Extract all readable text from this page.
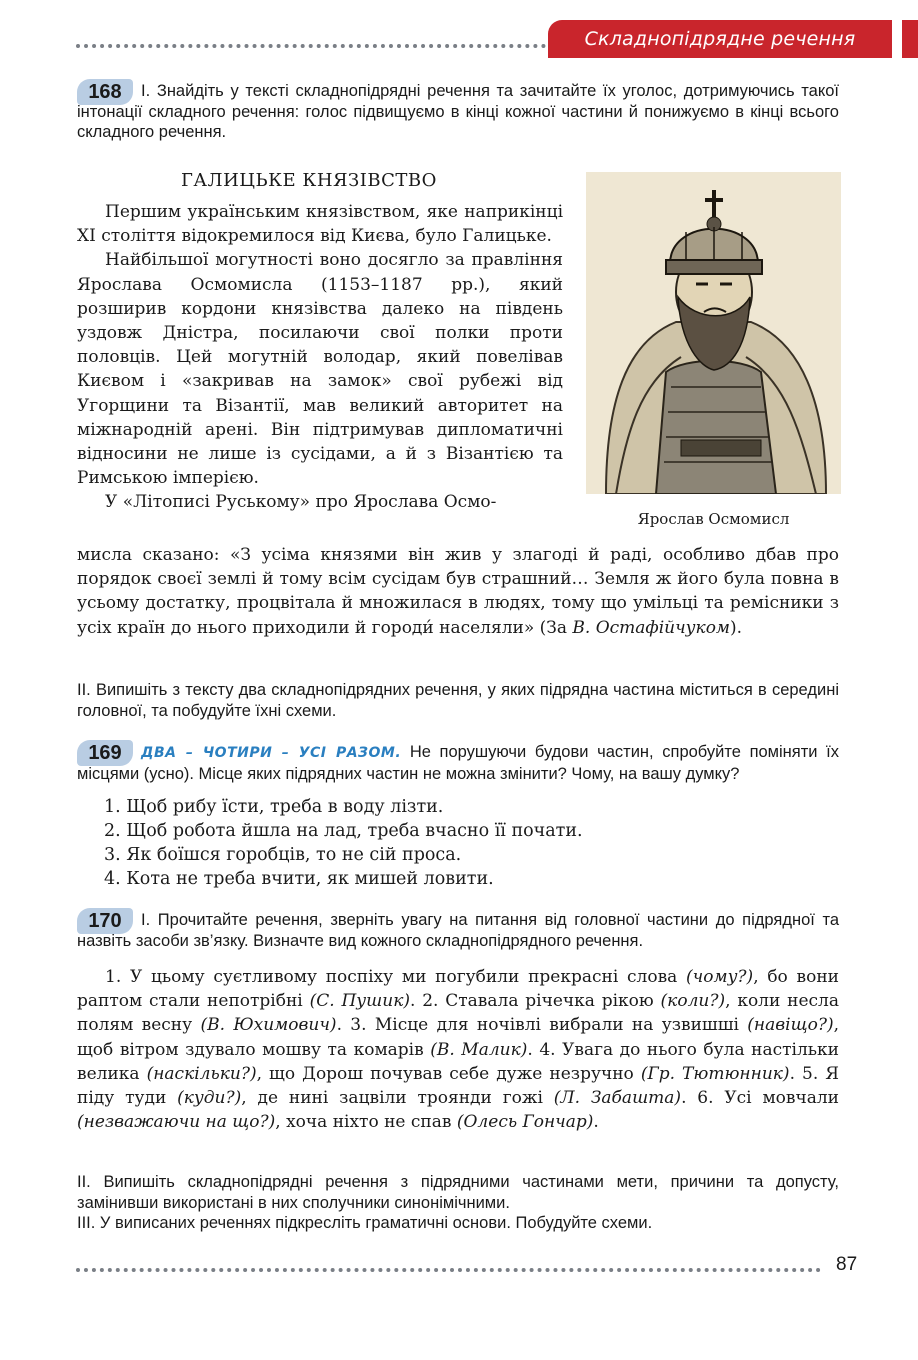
Складнопідрядне речення
168	І. Знайдіть у тексті складнопідрядні речення та зачитайте їх уголос, дотримуючись такої інтонації складного речення: голос підвищуємо в кінці кожної частини й понижуємо в кінці всього складного речення.
ГАЛИЦЬКЕ КНЯЗІВСТВО

Першим українським князівством, яке наприкінці XI століття відокремилося від Києва, було Галицьке.

Найбільшої могутності воно досягло за правління Ярослава Осмомисла (1153–1187 рр.), який розширив кордони князівства далеко на південь уздовж Дністра, посилаючи свої полки проти половців. Цей могутній володар, який повелівав Києвом і «закривав на замок» свої рубежі від Угорщини та Візантії, мав великий авторитет на міжнародній арені. Він підтримував дипломатичні відносини не лише із сусідами, а й з Візантією та Римською імперією.

У «Літописі Руському» про Ярослава Осмо-

мисла сказано: «З усіма князями він жив у злагоді й раді, особливо дбав про порядок своєї землі й тому всім сусідам був страшний… Земля ж його була повна в усьому достатку, процвітала й множилася в людях, тому що умільці та ремісники з усіх країн до нього приходили й городи́ населяли» (За В. Остафійчуком).

Ярослав Осмомисл
ІІ. Випишіть з тексту два складнопідрядних речення, у яких підрядна частина міститься в середині головної, та побудуйте їхні схеми.
169	ДВА – ЧОТИРИ – УСІ РАЗОМ. Не порушуючи будови частин, спробуйте поміняти їх місцями (усно). Місце яких підрядних частин не можна змінити? Чому, на вашу думку?
1. Щоб рибу їсти, треба в воду лізти.
2. Щоб робота йшла на лад, треба вчасно її почати.
3. Як боїшся горобців, то не сій проса.
4. Кота не треба вчити, як мишей ловити.
170	І. Прочитайте речення, зверніть увагу на питання від головної частини до підрядної та назвіть засоби зв’язку. Визначте вид кожного складнопідрядного речення.

1. У цьому суєтливому поспіху ми погубили прекрасні слова (чому?), бо вони раптом стали непотрібні (С. Пушик). 2. Ставала річечка рікою (коли?), коли несла полям весну (В. Юхимович). 3. Місце для ночівлі вибрали на узвишші (навіщо?), щоб вітром здувало мошву та комарів (В. Малик). 4. Увага до нього була настільки велика (наскільки?), що Дорош почував себе дуже незручно (Гр. Тютюнник). 5. Я піду туди (куди?), де нині зацвіли троянди гожі (Л. Забашта). 6. Усі мовчали (незважаючи на що?), хоча ніхто не спав (Олесь Гончар).

ІІ. Випишіть складнопідрядні речення з підрядними частинами мети, причини та допусту, замінивши використані в них сполучники синонімічними.
ІІІ. У виписаних реченнях підкресліть граматичні основи. Побудуйте схеми.
87
